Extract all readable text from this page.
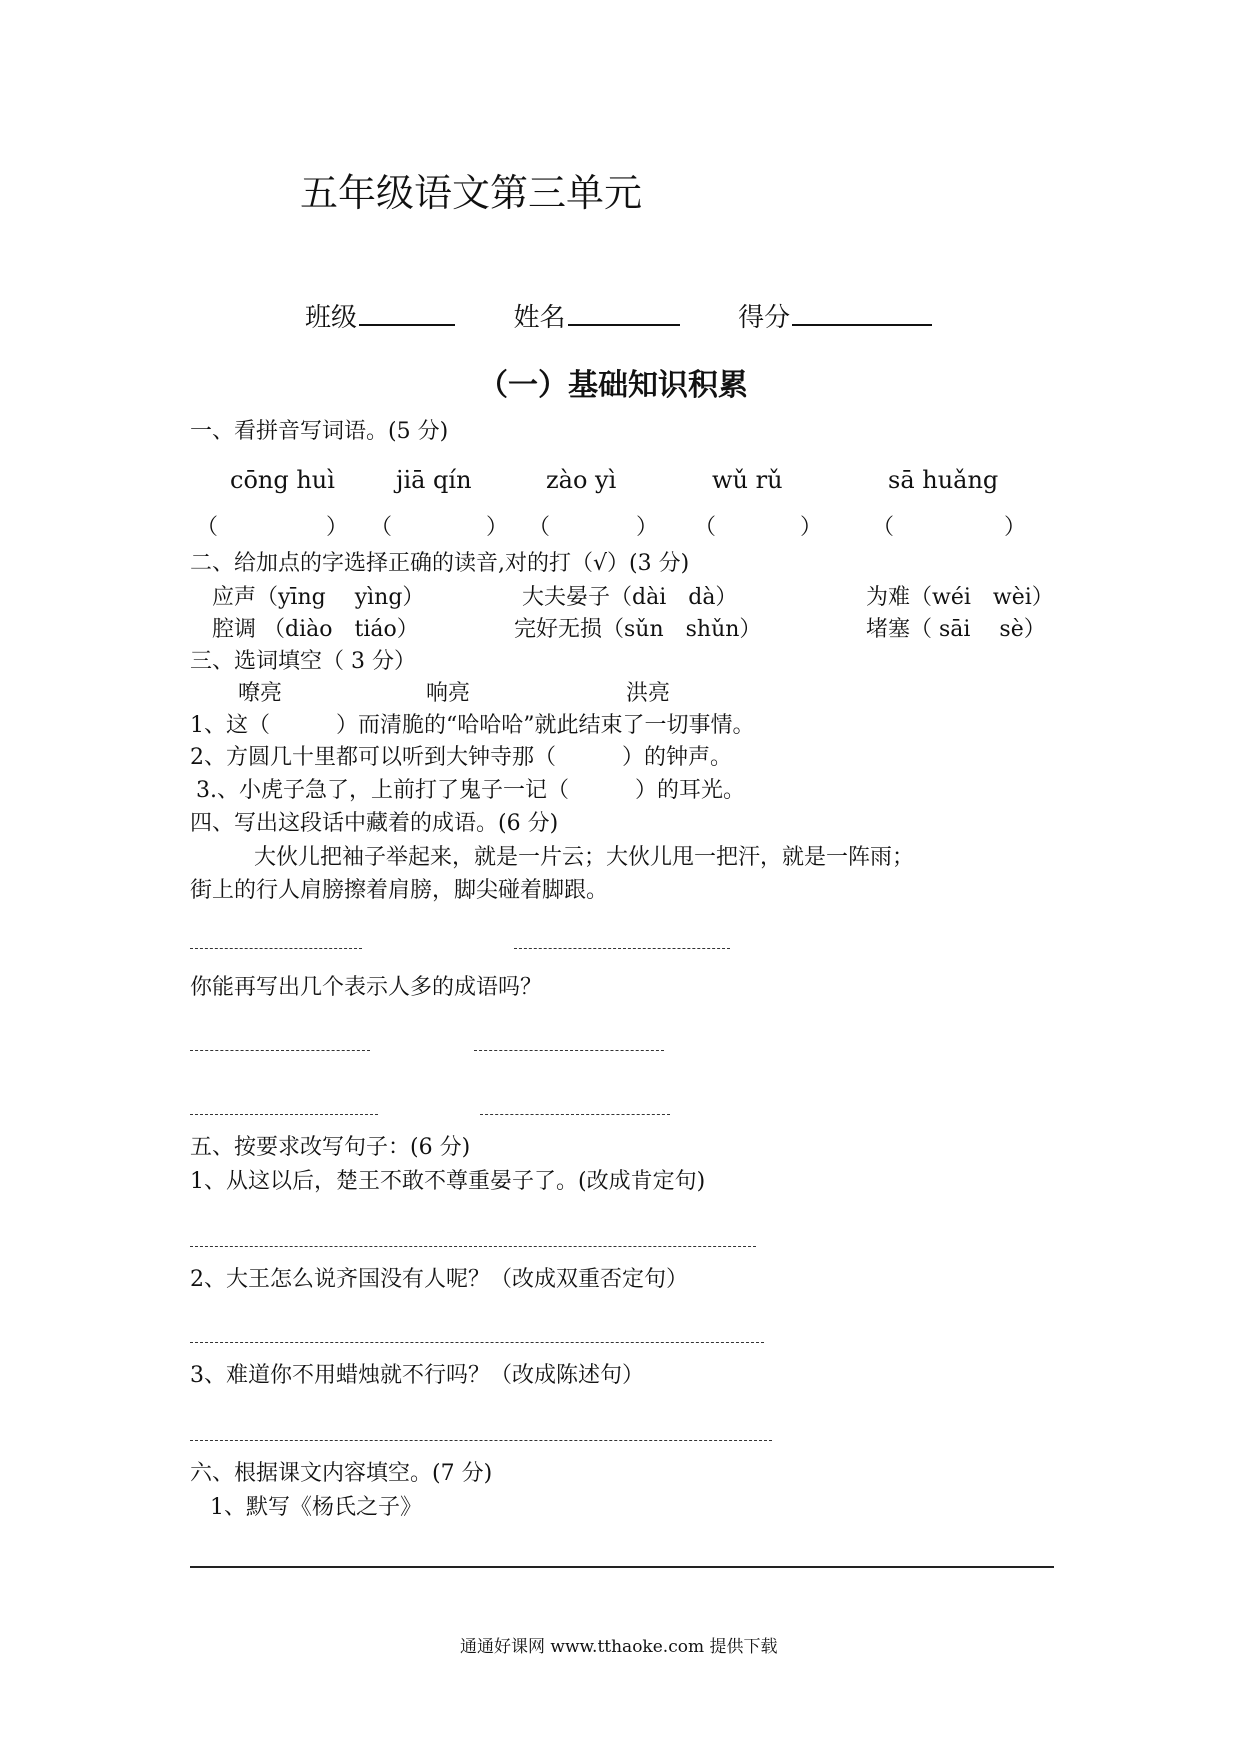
五年级语文第三单元
班级	姓名	得分
（一）基础知识积累
一、看拼音写词语。(5 分)
cōng huì	jiā qín	zào yì	wǔ rǔ	sā huǎng
（	） （	） （	） （	） （	）
二、给加点的字选择正确的读音,对的打（√）(3 分)
应声（yīng　 yìng）	大夫晏子（dài　dà）	为难（wéi　wèi）
腔调 （diào　tiáo）	完好无损（sǔn　shǔn）	堵塞（ sāi　 sè）
三、选词填空（ 3 分）
嘹亮	响亮	洪亮
1、这（　　　）而清脆的“哈哈哈”就此结束了一切事情。
2、方圆几十里都可以听到大钟寺那（　　　）的钟声。
3.、小虎子急了，上前打了鬼子一记（　　　）的耳光。
四、写出这段话中藏着的成语。(6 分)
大伙儿把袖子举起来，就是一片云；大伙儿甩一把汗，就是一阵雨；
街上的行人肩膀擦着肩膀，脚尖碰着脚跟。
你能再写出几个表示人多的成语吗？
五、按要求改写句子：(6 分)
1、从这以后，楚王不敢不尊重晏子了。(改成肯定句)
2、大王怎么说齐国没有人呢？（改成双重否定句）
3、难道你不用蜡烛就不行吗？（改成陈述句）
六、根据课文内容填空。(7 分)
1、默写《杨氏之子》
通通好课网 www.tthaoke.com 提供下载
